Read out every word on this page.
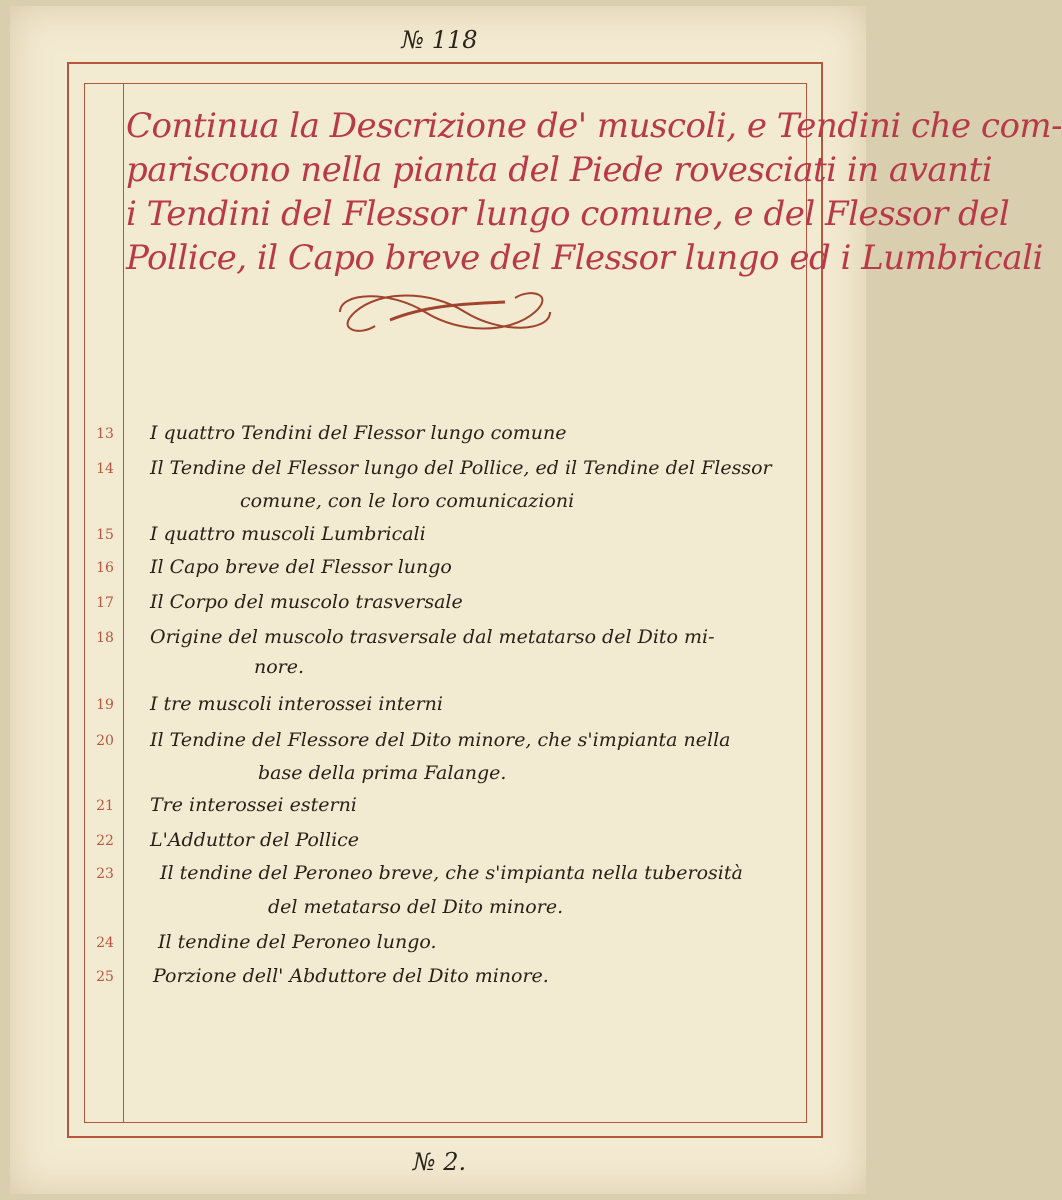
№ 118
Continua la Descrizione de' muscoli, e Tendini che com-
pariscono nella pianta del Piede rovesciati in avanti
i Tendini del Flessor lungo comune, e del Flessor del
Pollice, il Capo breve del Flessor lungo ed i Lumbricali
13	I quattro Tendini del Flessor lungo comune
14	Il Tendine del Flessor lungo del Pollice, ed il Tendine del Flessor
comune, con le loro comunicazioni
15	I quattro muscoli Lumbricali
16	Il Capo breve del Flessor lungo
17	Il Corpo del muscolo trasversale
18	Origine del muscolo trasversale dal metatarso del Dito mi-
nore.
19	I tre muscoli interossei interni
20	Il Tendine del Flessore del Dito minore, che s'impianta nella
base della prima Falange.
21	Tre interossei esterni
22	L'Adduttor del Pollice
23	Il tendine del Peroneo breve, che s'impianta nella tuberosità
del metatarso del Dito minore.
24	Il tendine del Peroneo lungo.
25	Porzione dell' Abduttore del Dito minore.
№ 2.
